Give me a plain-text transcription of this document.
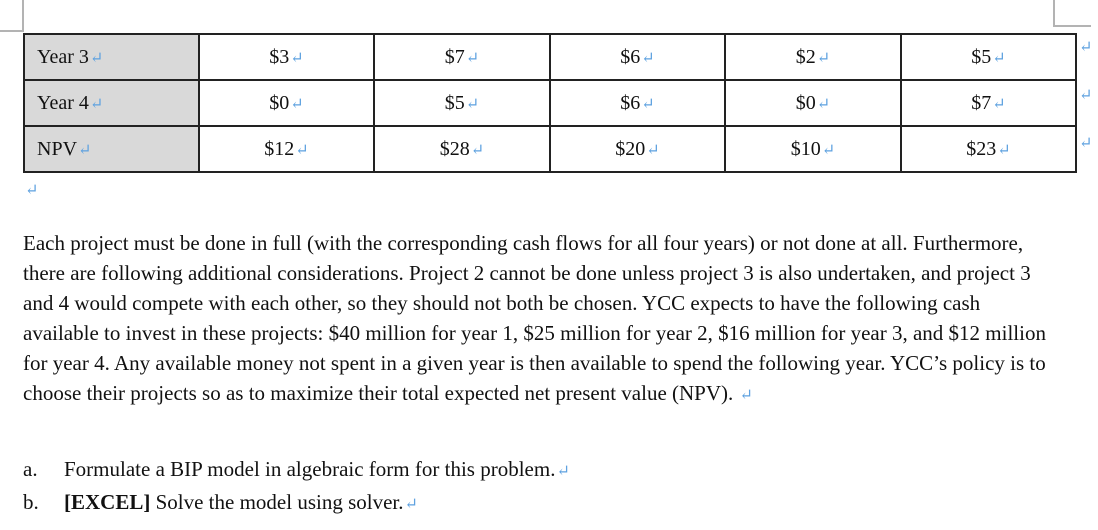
Year 3↵	$3↵	$7↵	$6↵	$2↵	$5↵
Year 4↵	$0↵	$5↵	$6↵	$0↵	$7↵
NPV↵	$12↵	$28↵	$20↵	$10↵	$23↵
↵
↵
↵
↵

Each project must be done in full (with the corresponding cash flows for all four years) or not done at all. Furthermore, there are following additional considerations. Project 2 cannot be done unless project 3 is also undertaken, and project 3 and 4 would compete with each other, so they should not both be chosen. YCC expects to have the following cash available to invest in these projects: $40 million for year 1, $25 million for year 2, $16 million for year 3, and $12 million for year 4. Any available money not spent in a given year is then available to spend the following year. YCC’s policy is to choose their projects so as to maximize their total expected net present value (NPV). ↵

a.	Formulate a BIP model in algebraic form for this problem.↵
b.	[EXCEL] Solve the model using solver.↵
